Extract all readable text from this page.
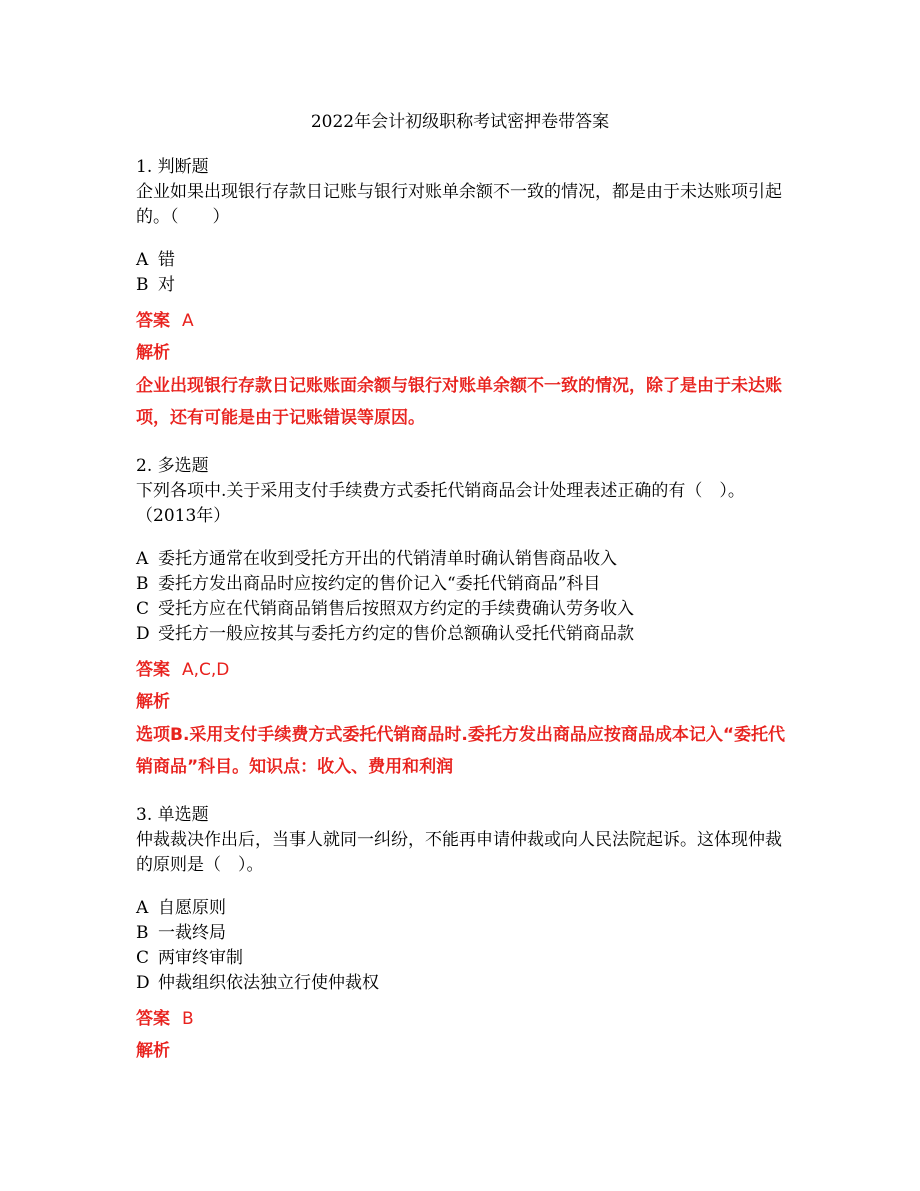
2022年会计初级职称考试密押卷带答案
1. 判断题

企业如果出现银行存款日记账与银行对账单余额不一致的情况，都是由于未达账项引起的。（　　）

A 错
B 对
答案 A
解析
企业出现银行存款日记账账面余额与银行对账单余额不一致的情况，除了是由于未达账项，还有可能是由于记账错误等原因。
2. 多选题

下列各项中.关于采用支付手续费方式委托代销商品会计处理表述正确的有（　）。（2013年）

A 委托方通常在收到受托方开出的代销清单时确认销售商品收入
B 委托方发出商品时应按约定的售价记入“委托代销商品”科目
C 受托方应在代销商品销售后按照双方约定的手续费确认劳务收入
D 受托方一般应按其与委托方约定的售价总额确认受托代销商品款
答案 A,C,D
解析
选项B.采用支付手续费方式委托代销商品时.委托方发出商品应按商品成本记入“委托代销商品”科目。知识点：收入、费用和利润
3. 单选题

仲裁裁决作出后，当事人就同一纠纷，不能再申请仲裁或向人民法院起诉。这体现仲裁的原则是（　）。

A 自愿原则
B 一裁终局
C 两审终审制
D 仲裁组织依法独立行使仲裁权
答案 B
解析
